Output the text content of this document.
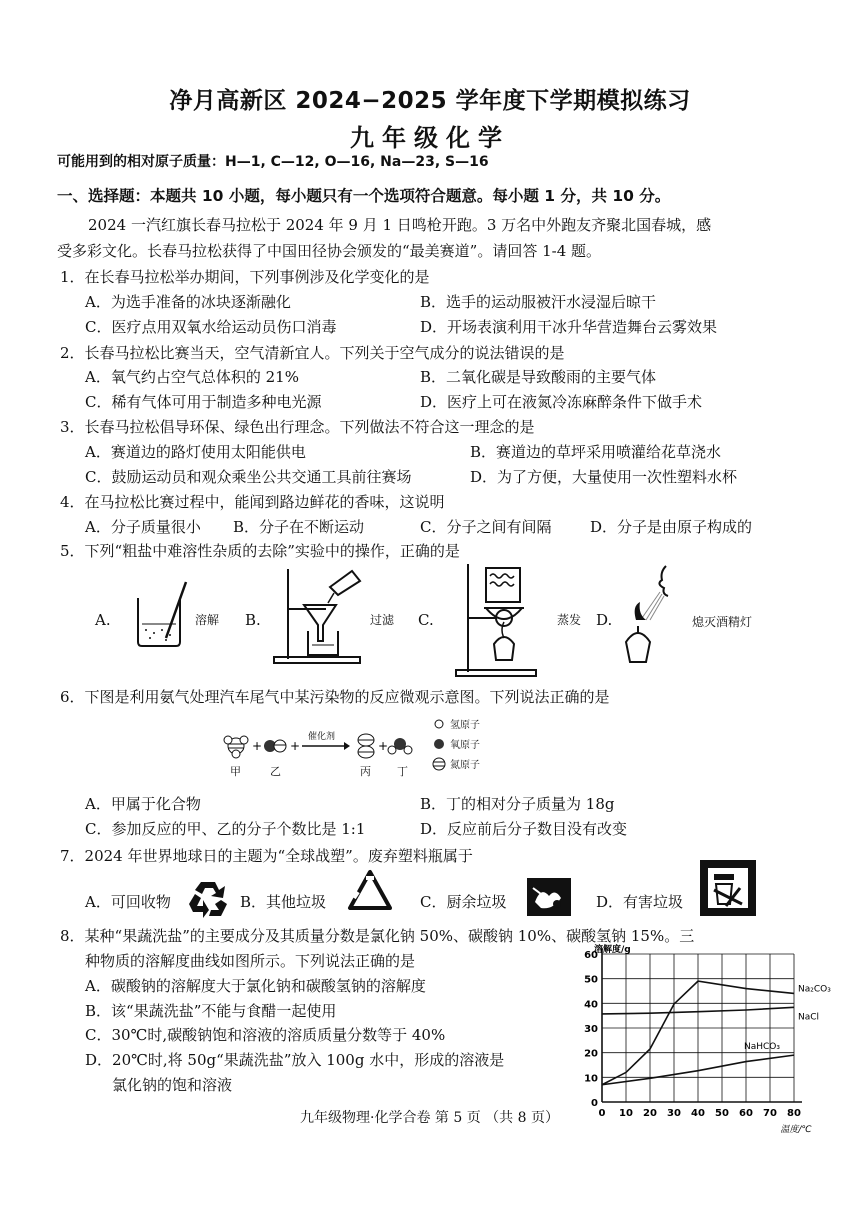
净月高新区 2024−2025 学年度下学期模拟练习
九年级化学
可能用到的相对原子质量：H—1, C—12, O—16, Na—23, S—16
一、选择题：本题共 10 小题，每小题只有一个选项符合题意。每小题 1 分，共 10 分。
2024 一汽红旗长春马拉松于 2024 年 9 月 1 日鸣枪开跑。3 万名中外跑友齐聚北国春城，感
受多彩文化。长春马拉松获得了中国田径协会颁发的“最美赛道”。请回答 1-4 题。
1．在长春马拉松举办期间，下列事例涉及化学变化的是
A．为选手准备的冰块逐渐融化	B．选手的运动服被汗水浸湿后晾干
C．医疗点用双氧水给运动员伤口消毒	D．开场表演利用干冰升华营造舞台云雾效果
2．长春马拉松比赛当天，空气清新宜人。下列关于空气成分的说法错误的是
A．氧气约占空气总体积的 21%	B．二氧化碳是导致酸雨的主要气体
C．稀有气体可用于制造多种电光源	D．医疗上可在液氮冷冻麻醉条件下做手术
3．长春马拉松倡导环保、绿色出行理念。下列做法不符合这一理念的是
A．赛道边的路灯使用太阳能供电	B．赛道边的草坪采用喷灌给花草浇水
C．鼓励运动员和观众乘坐公共交通工具前往赛场	D．为了方便，大量使用一次性塑料水杯
4．在马拉松比赛过程中，能闻到路边鲜花的香味，这说明
A．分子质量很小 B．分子在不断运动	C．分子之间有间隔	D．分子是由原子构成的
5．下列“粗盐中难溶性杂质的去除”实验中的操作，正确的是
A.	溶解 B.	过滤 C.	蒸发 D.	熄灭酒精灯
6．下图是利用氨气处理汽车尾气中某污染物的反应微观示意图。下列说法正确的是
+ +	+
催化剂
甲	乙	丙 丁
氢原子
氧原子
氮原子
A．甲属于化合物	B．丁的相对分子质量为 18g
C．参加反应的甲、乙的分子个数比是 1:1	D．反应前后分子数目没有改变
7．2024 年世界地球日的主题为“全球战塑”。废弃塑料瓶属于
A．可回收物	B．其他垃圾	C．厨余垃圾	D．有害垃圾
8．某种“果蔬洗盐”的主要成分及其质量分数是氯化钠 50%、碳酸钠 10%、碳酸氢钠 15%。三
种物质的溶解度曲线如图所示。下列说法正确的是
A．碳酸钠的溶解度大于氯化钠和碳酸氢钠的溶解度
B．该“果蔬洗盐”不能与食醋一起使用
C．30℃时,碳酸钠饱和溶液的溶质质量分数等于 40%
D．20℃时,将 50g“果蔬洗盐”放入 100g 水中，形成的溶液是
氯化钠的饱和溶液
0 10 20 30 40 50 60 70 80
0
10
20
30
40
50
60
溶解度/g
温度/℃
Na₂CO₃
NaCl
NaHCO₃
九年级物理·化学合卷 第 5 页 （共 8 页）
